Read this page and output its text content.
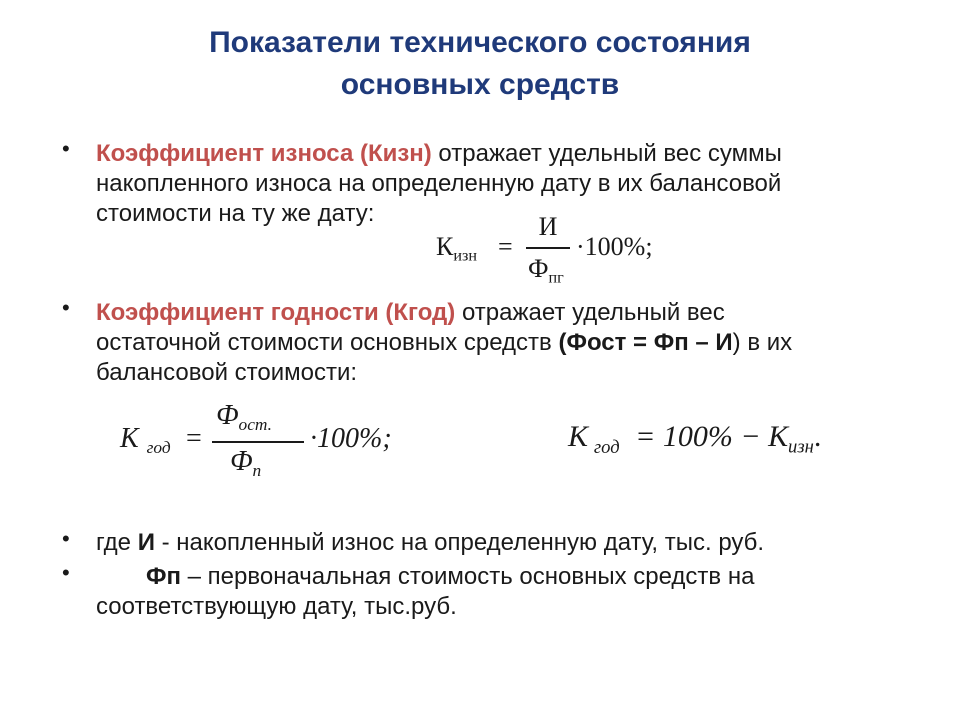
Показатели технического состояния
основных средств
• Коэффициент износа (Кизн) отражает удельный вес суммы
накопленного износа на определенную дату в их балансовой
стоимости на ту же дату:
$К_{изн}$ =
И
$Ф_{пг}$
·100%;
• Коэффициент годности (Кгод) отражает удельный вес
остаточной стоимости основных средств (Фост = Фп – И) в их
балансовой стоимости:
К $_{год}$ =
$Ф_{ост.}$
$Ф_п$
·100%;	К $_{год} = 100\% - К_{изн}$.
• где И - накопленный износ на определенную дату, тыс. руб.
•	Фп – первоначальная стоимость основных средств на
соответствующую дату, тыс.руб.
